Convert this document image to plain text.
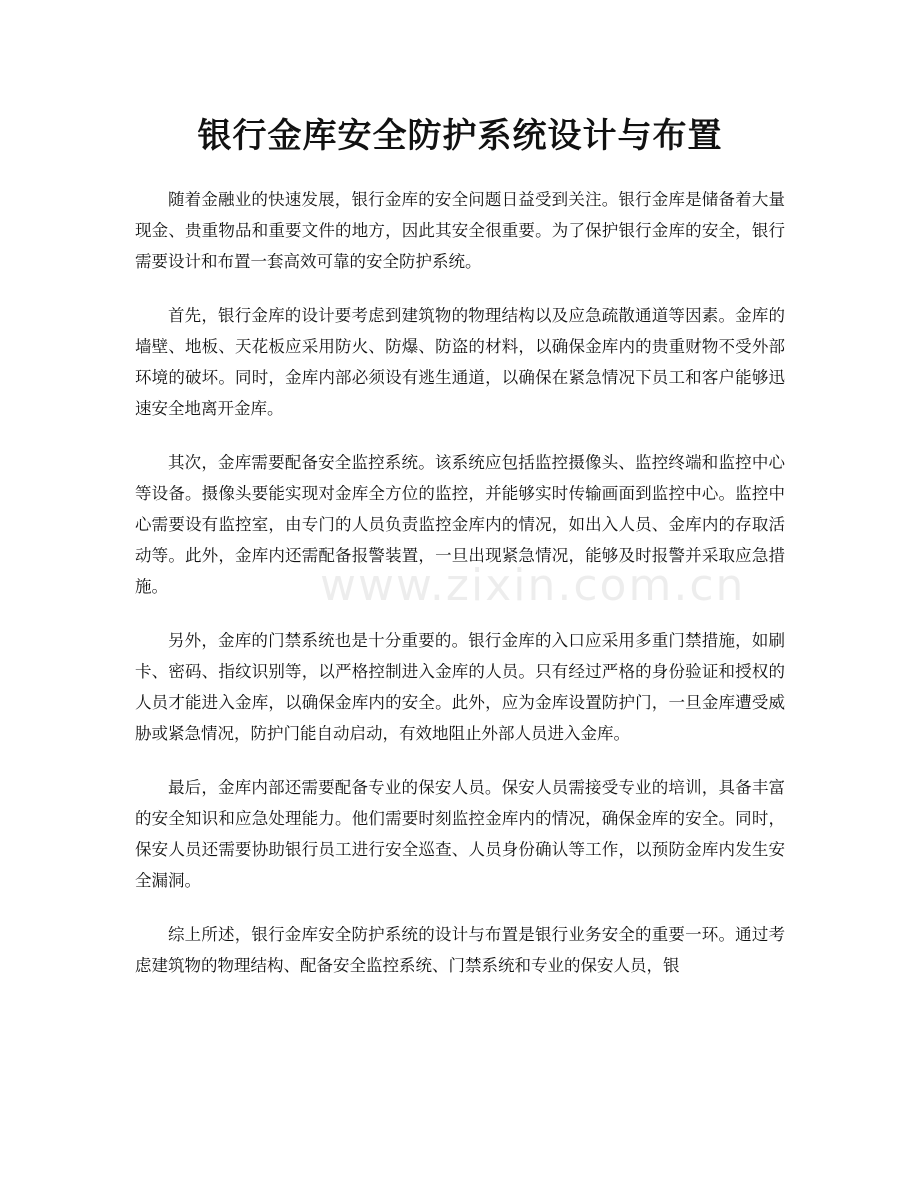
银行金库安全防护系统设计与布置
www.zixin.com.cn

随着金融业的快速发展，银行金库的安全问题日益受到关注。银行金库是储备着大量现金、贵重物品和重要文件的地方，因此其安全很重要。为了保护银行金库的安全，银行需要设计和布置一套高效可靠的安全防护系统。

首先，银行金库的设计要考虑到建筑物的物理结构以及应急疏散通道等因素。金库的墙壁、地板、天花板应采用防火、防爆、防盗的材料，以确保金库内的贵重财物不受外部环境的破坏。同时，金库内部必须设有逃生通道，以确保在紧急情况下员工和客户能够迅速安全地离开金库。

其次，金库需要配备安全监控系统。该系统应包括监控摄像头、监控终端和监控中心等设备。摄像头要能实现对金库全方位的监控，并能够实时传输画面到监控中心。监控中心需要设有监控室，由专门的人员负责监控金库内的情况，如出入人员、金库内的存取活动等。此外，金库内还需配备报警装置，一旦出现紧急情况，能够及时报警并采取应急措施。

另外，金库的门禁系统也是十分重要的。银行金库的入口应采用多重门禁措施，如刷卡、密码、指纹识别等，以严格控制进入金库的人员。只有经过严格的身份验证和授权的人员才能进入金库，以确保金库内的安全。此外，应为金库设置防护门，一旦金库遭受威胁或紧急情况，防护门能自动启动，有效地阻止外部人员进入金库。

最后，金库内部还需要配备专业的保安人员。保安人员需接受专业的培训，具备丰富的安全知识和应急处理能力。他们需要时刻监控金库内的情况，确保金库的安全。同时，保安人员还需要协助银行员工进行安全巡查、人员身份确认等工作，以预防金库内发生安全漏洞。

综上所述，银行金库安全防护系统的设计与布置是银行业务安全的重要一环。通过考虑建筑物的物理结构、配备安全监控系统、门禁系统和专业的保安人员，银
